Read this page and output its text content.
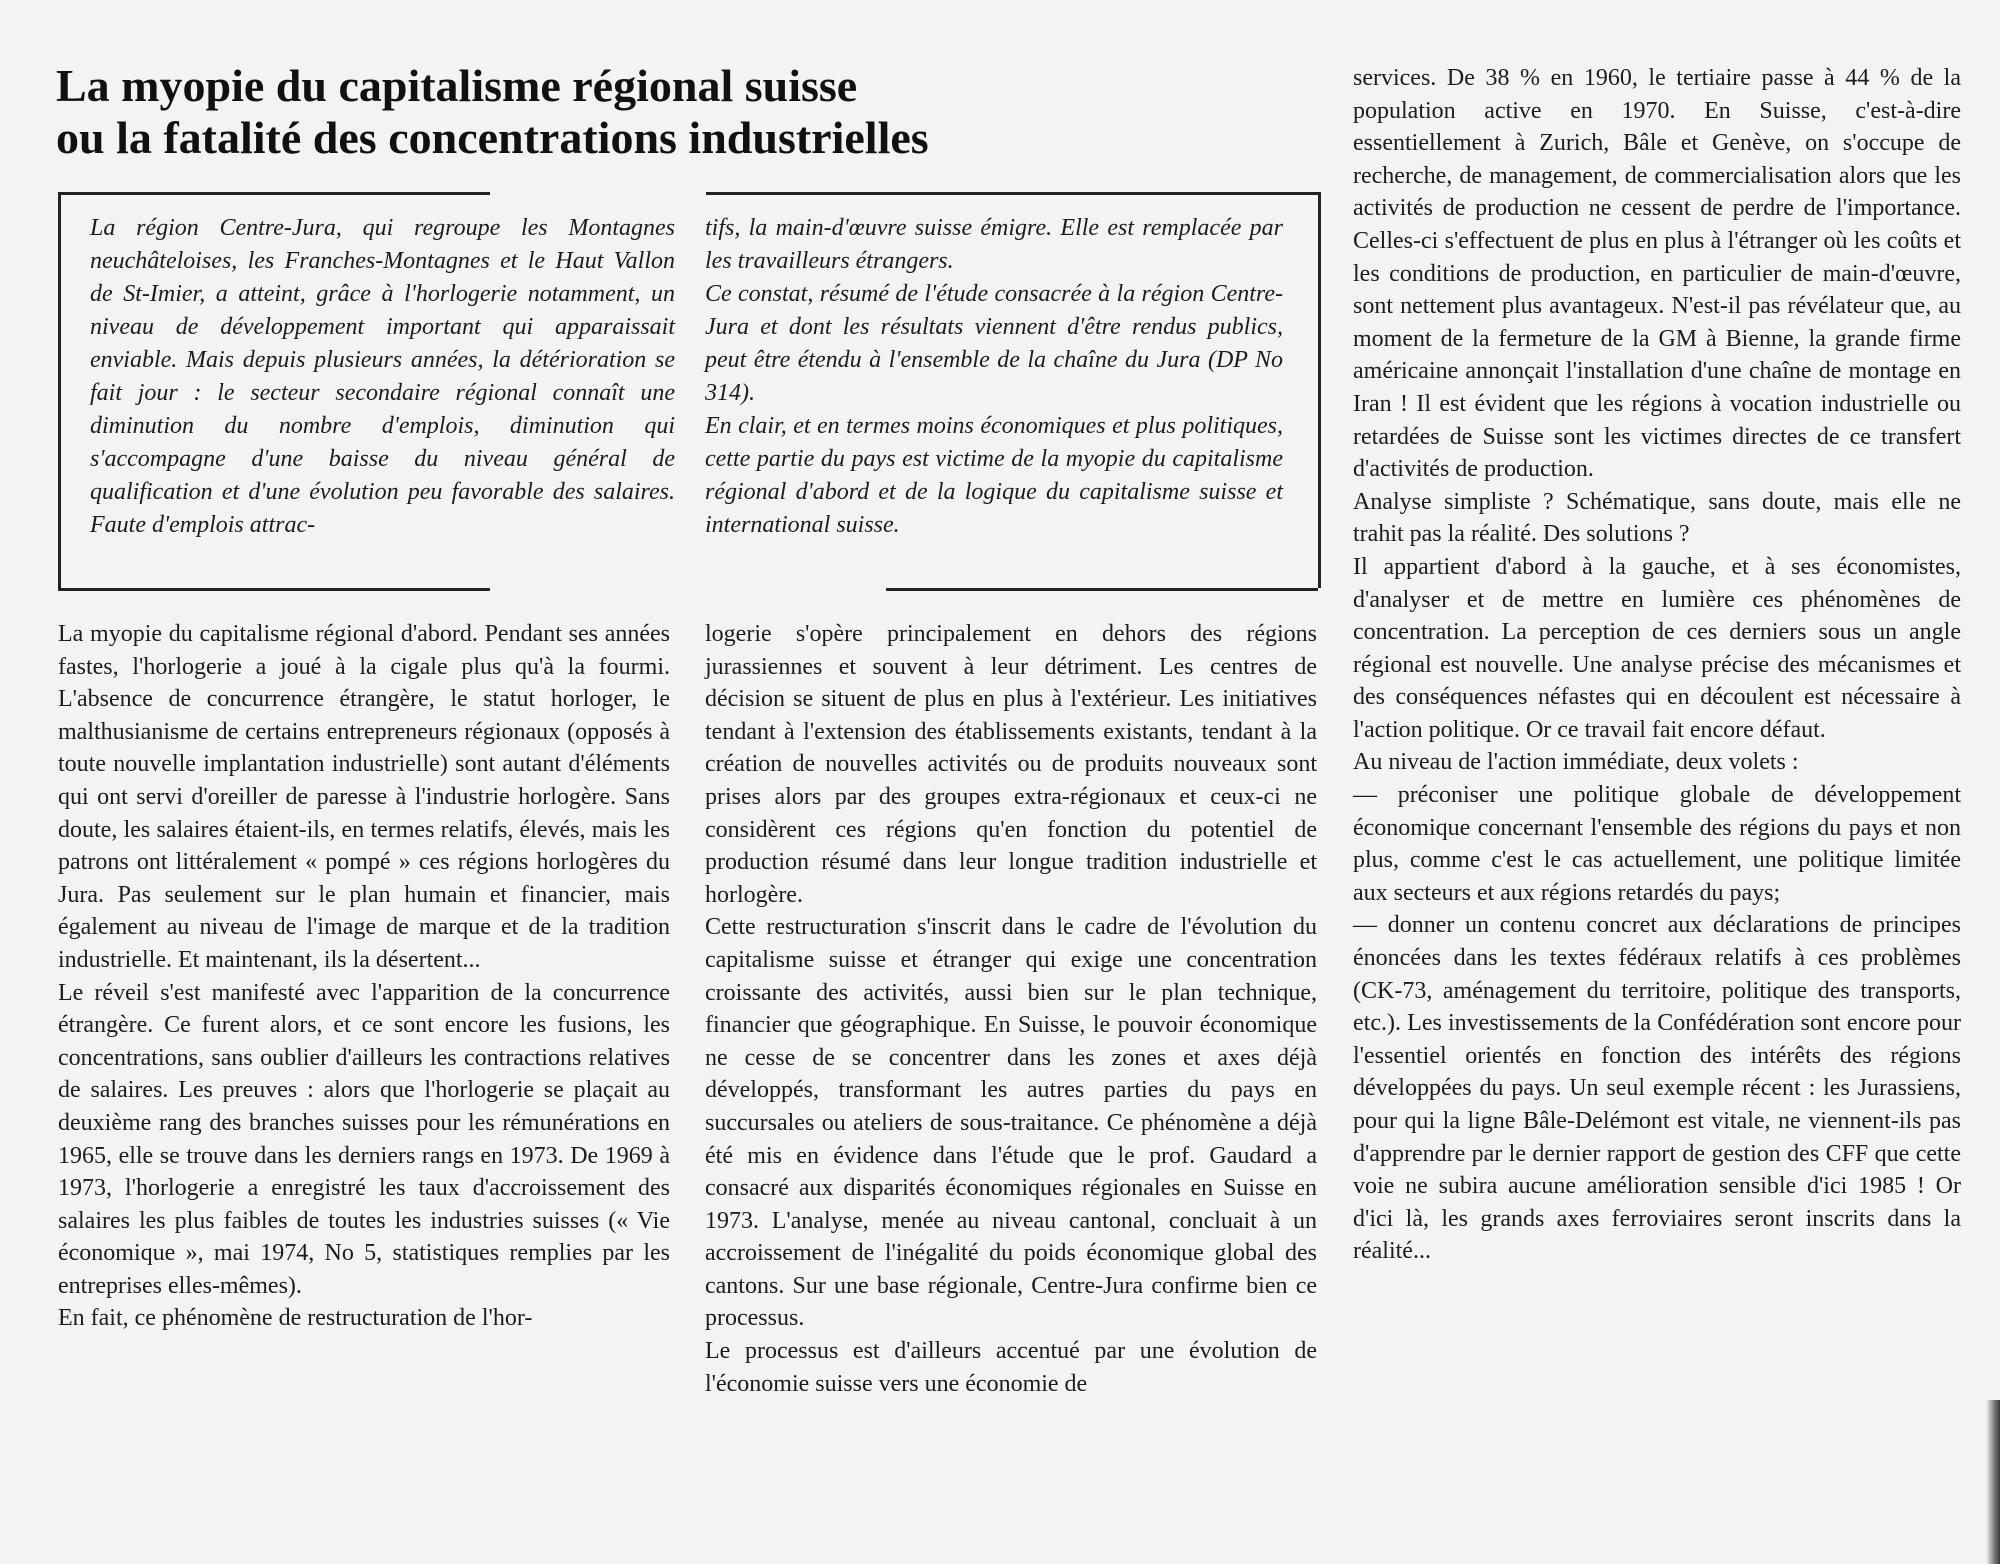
La myopie du capitalisme régional suisse
ou la fatalité des concentrations industrielles

La région Centre-Jura, qui regroupe les Montagnes neuchâteloises, les Franches-Montagnes et le Haut Vallon de St-Imier, a atteint, grâce à l'horlogerie notamment, un niveau de développement important qui apparaissait enviable. Mais depuis plusieurs années, la détérioration se fait jour : le secteur secondaire régional connaît une diminution du nombre d'emplois, diminution qui s'accompagne d'une baisse du niveau général de qualification et d'une évolution peu favorable des salaires. Faute d'emplois attrac-

tifs, la main-d'œuvre suisse émigre. Elle est remplacée par les travailleurs étrangers.

Ce constat, résumé de l'étude consacrée à la région Centre-Jura et dont les résultats viennent d'être rendus publics, peut être étendu à l'ensemble de la chaîne du Jura (DP No 314).

En clair, et en termes moins économiques et plus politiques, cette partie du pays est victime de la myopie du capitalisme régional d'abord et de la logique du capitalisme suisse et international suisse.

La myopie du capitalisme régional d'abord. Pendant ses années fastes, l'horlogerie a joué à la cigale plus qu'à la fourmi. L'absence de concurrence étrangère, le statut horloger, le malthusianisme de certains entrepreneurs régionaux (opposés à toute nouvelle implantation industrielle) sont autant d'éléments qui ont servi d'oreiller de paresse à l'industrie horlogère. Sans doute, les salaires étaient-ils, en termes relatifs, élevés, mais les patrons ont littéralement « pompé » ces régions horlogères du Jura. Pas seulement sur le plan humain et financier, mais également au niveau de l'image de marque et de la tradition industrielle. Et maintenant, ils la désertent...

Le réveil s'est manifesté avec l'apparition de la concurrence étrangère. Ce furent alors, et ce sont encore les fusions, les concentrations, sans oublier d'ailleurs les contractions relatives de salaires. Les preuves : alors que l'horlogerie se plaçait au deuxième rang des branches suisses pour les rémunérations en 1965, elle se trouve dans les derniers rangs en 1973. De 1969 à 1973, l'horlogerie a enregistré les taux d'accroissement des salaires les plus faibles de toutes les industries suisses (« Vie économique », mai 1974, No 5, statistiques remplies par les entreprises elles-mêmes).

En fait, ce phénomène de restructuration de l'hor-

logerie s'opère principalement en dehors des régions jurassiennes et souvent à leur détriment. Les centres de décision se situent de plus en plus à l'extérieur. Les initiatives tendant à l'extension des établissements existants, tendant à la création de nouvelles activités ou de produits nouveaux sont prises alors par des groupes extra-régionaux et ceux-ci ne considèrent ces régions qu'en fonction du potentiel de production résumé dans leur longue tradition industrielle et horlogère.

Cette restructuration s'inscrit dans le cadre de l'évolution du capitalisme suisse et étranger qui exige une concentration croissante des activités, aussi bien sur le plan technique, financier que géographique. En Suisse, le pouvoir économique ne cesse de se concentrer dans les zones et axes déjà développés, transformant les autres parties du pays en succursales ou ateliers de sous-traitance. Ce phénomène a déjà été mis en évidence dans l'étude que le prof. Gaudard a consacré aux disparités économiques régionales en Suisse en 1973. L'analyse, menée au niveau cantonal, concluait à un accroissement de l'inégalité du poids économique global des cantons. Sur une base régionale, Centre-Jura confirme bien ce processus.

Le processus est d'ailleurs accentué par une évolution de l'économie suisse vers une économie de

services. De 38 % en 1960, le tertiaire passe à 44 % de la population active en 1970. En Suisse, c'est-à-dire essentiellement à Zurich, Bâle et Genève, on s'occupe de recherche, de management, de commercialisation alors que les activités de production ne cessent de perdre de l'importance. Celles-ci s'effectuent de plus en plus à l'étranger où les coûts et les conditions de production, en particulier de main-d'œuvre, sont nettement plus avantageux. N'est-il pas révélateur que, au moment de la fermeture de la GM à Bienne, la grande firme américaine annonçait l'installation d'une chaîne de montage en Iran ! Il est évident que les régions à vocation industrielle ou retardées de Suisse sont les victimes directes de ce transfert d'activités de production.

Analyse simpliste ? Schématique, sans doute, mais elle ne trahit pas la réalité. Des solutions ?

Il appartient d'abord à la gauche, et à ses économistes, d'analyser et de mettre en lumière ces phénomènes de concentration. La perception de ces derniers sous un angle régional est nouvelle. Une analyse précise des mécanismes et des conséquences néfastes qui en découlent est nécessaire à l'action politique. Or ce travail fait encore défaut.

Au niveau de l'action immédiate, deux volets :

— préconiser une politique globale de développement économique concernant l'ensemble des régions du pays et non plus, comme c'est le cas actuellement, une politique limitée aux secteurs et aux régions retardés du pays;

— donner un contenu concret aux déclarations de principes énoncées dans les textes fédéraux relatifs à ces problèmes (CK-73, aménagement du territoire, politique des transports, etc.). Les investissements de la Confédération sont encore pour l'essentiel orientés en fonction des intérêts des régions développées du pays. Un seul exemple récent : les Jurassiens, pour qui la ligne Bâle-Delémont est vitale, ne viennent-ils pas d'apprendre par le dernier rapport de gestion des CFF que cette voie ne subira aucune amélioration sensible d'ici 1985 ! Or d'ici là, les grands axes ferroviaires seront inscrits dans la réalité...
